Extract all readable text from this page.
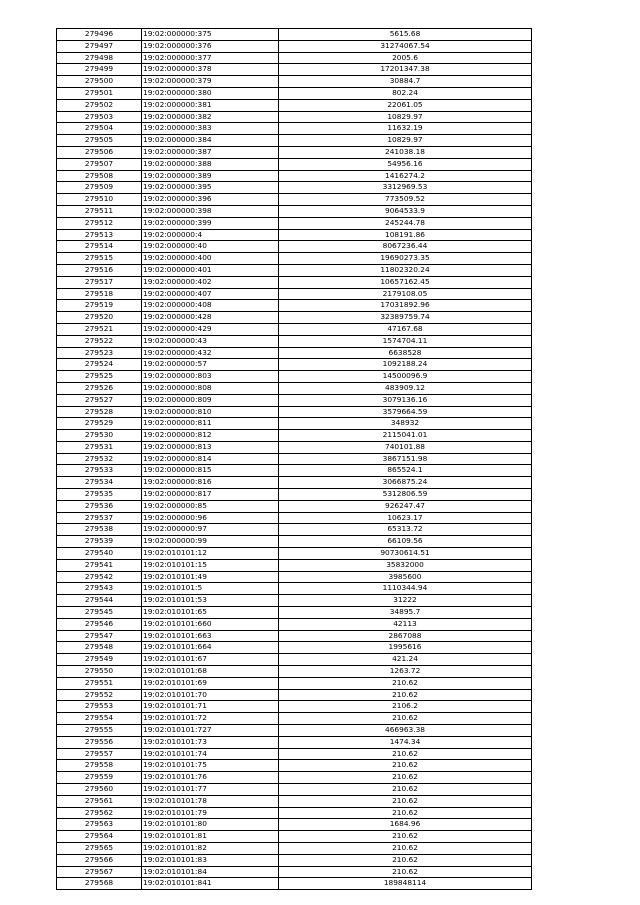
279496	19:02:000000:375	5615.68
279497	19:02:000000:376	31274067.54
279498	19:02:000000:377	2005.6
279499	19:02:000000:378	17201347.38
279500	19:02:000000:379	30884.7
279501	19:02:000000:380	802.24
279502	19:02:000000:381	22061.05
279503	19:02:000000:382	10829.97
279504	19:02:000000:383	11632.19
279505	19:02:000000:384	10829.97
279506	19:02:000000:387	241038.18
279507	19:02:000000:388	54956.16
279508	19:02:000000:389	1416274.2
279509	19:02:000000:395	3312969.53
279510	19:02:000000:396	773509.52
279511	19:02:000000:398	9064533.9
279512	19:02:000000:399	245244.78
279513	19:02:000000:4	108191.86
279514	19:02:000000:40	8067236.44
279515	19:02:000000:400	19690273.35
279516	19:02:000000:401	11802320.24
279517	19:02:000000:402	10657162.45
279518	19:02:000000:407	2179108.05
279519	19:02:000000:408	17031892.96
279520	19:02:000000:428	32389759.74
279521	19:02:000000:429	47167.68
279522	19:02:000000:43	1574704.11
279523	19:02:000000:432	6638528
279524	19:02:000000:57	1092188.24
279525	19:02:000000:803	14500096.9
279526	19:02:000000:808	483909.12
279527	19:02:000000:809	3079136.16
279528	19:02:000000:810	3579664.59
279529	19:02:000000:811	348932
279530	19:02:000000:812	2115041.01
279531	19:02:000000:813	740101.88
279532	19:02:000000:814	3867151.98
279533	19:02:000000:815	865524.1
279534	19:02:000000:816	3066875.24
279535	19:02:000000:817	5312806.59
279536	19:02:000000:85	926247.47
279537	19:02:000000:96	10623.17
279538	19:02:000000:97	65313.72
279539	19:02:000000:99	66109.56
279540	19:02:010101:12	90730614.51
279541	19:02:010101:15	35832000
279542	19:02:010101:49	3985600
279543	19:02:010101:5	1110344.94
279544	19:02:010101:53	31222
279545	19:02:010101:65	34895.7
279546	19:02:010101:660	42113
279547	19:02:010101:663	2867088
279548	19:02:010101:664	1995616
279549	19:02:010101:67	421.24
279550	19:02:010101:68	1263.72
279551	19:02:010101:69	210.62
279552	19:02:010101:70	210.62
279553	19:02:010101:71	2106.2
279554	19:02:010101:72	210.62
279555	19:02:010101:727	466963.38
279556	19:02:010101:73	1474.34
279557	19:02:010101:74	210.62
279558	19:02:010101:75	210.62
279559	19:02:010101:76	210.62
279560	19:02:010101:77	210.62
279561	19:02:010101:78	210.62
279562	19:02:010101:79	210.62
279563	19:02:010101:80	1684.96
279564	19:02:010101:81	210.62
279565	19:02:010101:82	210.62
279566	19:02:010101:83	210.62
279567	19:02:010101:84	210.62
279568	19:02:010101:841	189848114
